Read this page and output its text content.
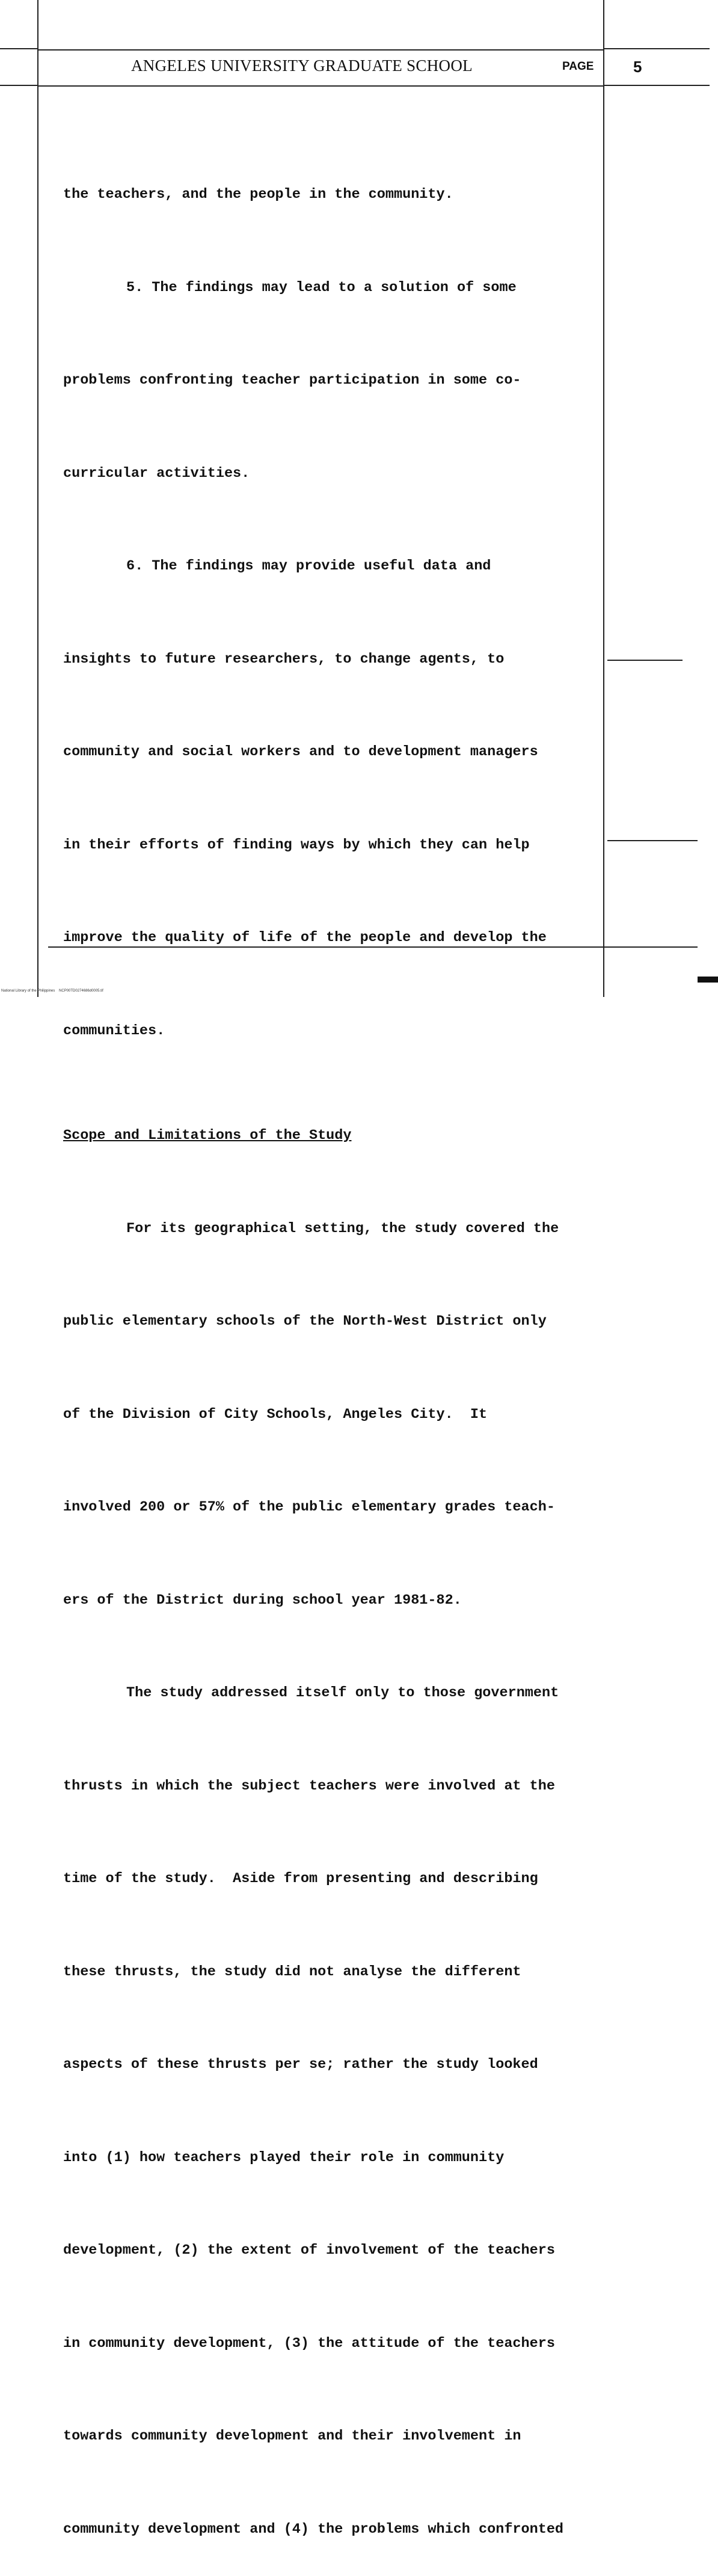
ANGELES UNIVERSITY GRADUATE SCHOOL	PAGE	5

the teachers, and the people in the community.

5. The findings may lead to a solution of some

problems confronting teacher participation in some co-

curricular activities.

6. The findings may provide useful data and

insights to future researchers, to change agents, to

community and social workers and to development managers

in their efforts of finding ways by which they can help

improve the quality of life of the people and develop the

communities.

Scope and Limitations of the Study

For its geographical setting, the study covered the

public elementary schools of the North-West District only

of the Division of City Schools, Angeles City.  It

involved 200 or 57% of the public elementary grades teach-

ers of the District during school year 1981-82.

The study addressed itself only to those government

thrusts in which the subject teachers were involved at the

time of the study.  Aside from presenting and describing

these thrusts, the study did not analyse the different

aspects of these thrusts per se; rather the study looked

into (1) how teachers played their role in community

development, (2) the extent of involvement of the teachers

in community development, (3) the attitude of the teachers

towards community development and their involvement in

community development and (4) the problems which confronted

National Library of the Philippines    NCP00TD0274686d0005.tif
